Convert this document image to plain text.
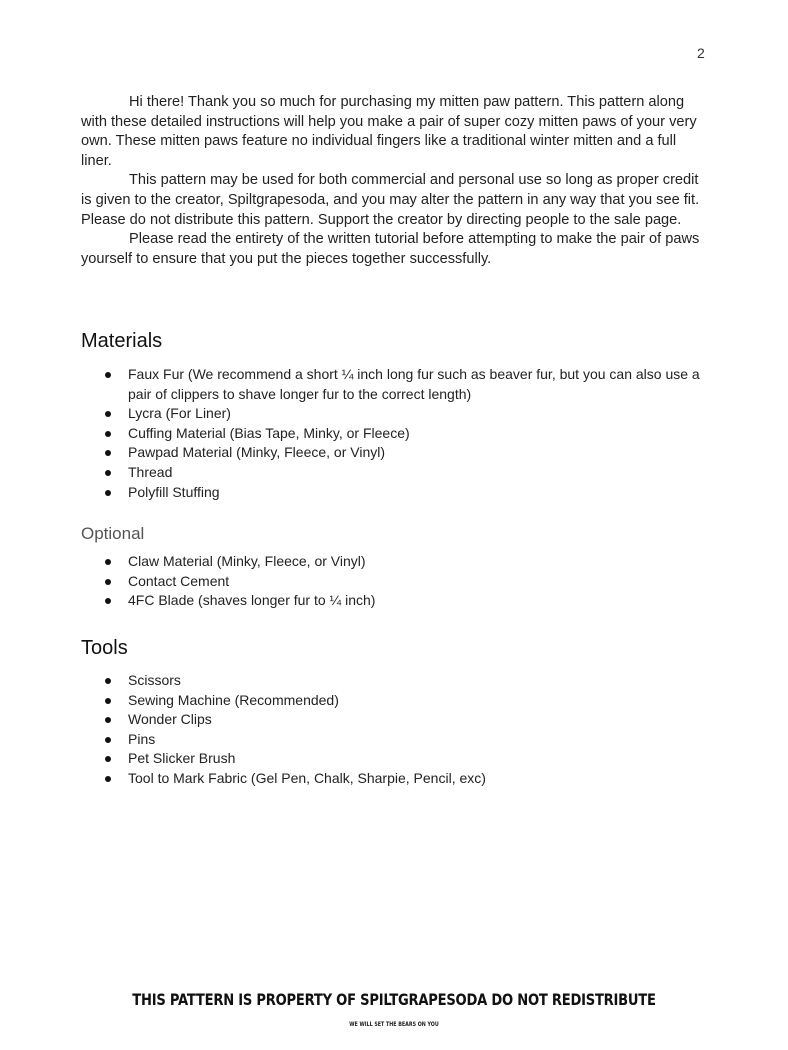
2

Hi there! Thank you so much for purchasing my mitten paw pattern. This pattern along with these detailed instructions will help you make a pair of super cozy mitten paws of your very own. These mitten paws feature no individual fingers like a traditional winter mitten and a full liner.

This pattern may be used for both commercial and personal use so long as proper credit is given to the creator, Spiltgrapesoda, and you may alter the pattern in any way that you see fit. Please do not distribute this pattern. Support the creator by directing people to the sale page.

Please read the entirety of the written tutorial before attempting to make the pair of paws yourself to ensure that you put the pieces together successfully.

Materials
Faux Fur (We recommend a short ¼ inch long fur such as beaver fur, but you can also use a pair of clippers to shave longer fur to the correct length)
Lycra (For Liner)
Cuffing Material (Bias Tape, Minky, or Fleece)
Pawpad Material (Minky, Fleece, or Vinyl)
Thread
Polyfill Stuffing
Optional
Claw Material (Minky, Fleece, or Vinyl)
Contact Cement
4FC Blade (shaves longer fur to ¼ inch)
Tools
Scissors
Sewing Machine (Recommended)
Wonder Clips
Pins
Pet Slicker Brush
Tool to Mark Fabric (Gel Pen, Chalk, Sharpie, Pencil, exc)
THIS PATTERN IS PROPERTY OF SPILTGRAPESODA DO NOT REDISTRIBUTE
WE WILL SET THE BEARS ON YOU
